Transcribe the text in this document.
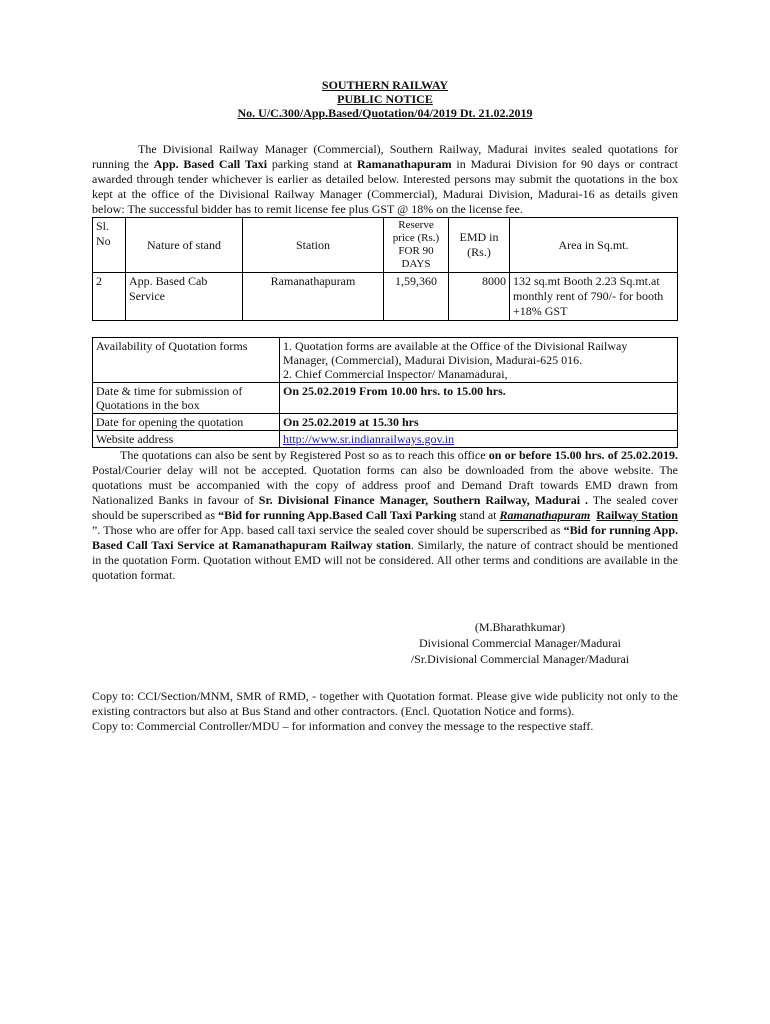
SOUTHERN RAILWAY
PUBLIC NOTICE
No. U/C.300/App.Based/Quotation/04/2019 Dt. 21.02.2019

The Divisional Railway Manager (Commercial), Southern Railway, Madurai invites sealed quotations for running the App. Based Call Taxi parking stand at Ramanathapuram in Madurai Division for 90 days or contract awarded through tender whichever is earlier as detailed below. Interested persons may submit the quotations in the box kept at the office of the Divisional Railway Manager (Commercial), Madurai Division, Madurai-16 as details given below: The successful bidder has to remit license fee plus GST @ 18% on the license fee.

Sl. No	Nature of stand	Station	Reserve price (Rs.) FOR 90 DAYS	EMD in (Rs.)	Area in Sq.mt.
2	App. Based Cab Service	Ramanathapuram	1,59,360	8000	132 sq.mt Booth 2.23 Sq.mt.at monthly rent of 790/- for booth +18% GST
Availability of Quotation forms	1. Quotation forms are available at the Office of the Divisional Railway Manager, (Commercial), Madurai Division, Madurai-625 016.
2. Chief Commercial Inspector/ Manamadurai,

Date & time for submission of Quotations in the box	On 25.02.2019 From 10.00 hrs. to 15.00 hrs.
Date for opening the quotation	On 25.02.2019 at 15.30 hrs
Website address	http://www.sr.indianrailways.gov.in

The quotations can also be sent by Registered Post so as to reach this office on or before 15.00 hrs. of 25.02.2019. Postal/Courier delay will not be accepted. Quotation forms can also be downloaded from the above website. The quotations must be accompanied with the copy of address proof and Demand Draft towards EMD drawn from Nationalized Banks in favour of Sr. Divisional Finance Manager, Southern Railway, Madurai . The sealed cover should be superscribed as “Bid for running App.Based Call Taxi Parking stand at Ramanathapuram Railway Station ”. Those who are offer for App. based call taxi service the sealed cover should be superscribed as “Bid for running App. Based Call Taxi Service at Ramanathapuram Railway station. Similarly, the nature of contract should be mentioned in the quotation Form. Quotation without EMD will not be considered. All other terms and conditions are available in the quotation format.

(M.Bharathkumar)
Divisional Commercial Manager/Madurai
/Sr.Divisional Commercial Manager/Madurai

Copy to: CCI/Section/MNM, SMR of RMD, - together with Quotation format. Please give wide publicity not only to the existing contractors but also at Bus Stand and other contractors. (Encl. Quotation Notice and forms).

Copy to: Commercial Controller/MDU – for information and convey the message to the respective staff.
